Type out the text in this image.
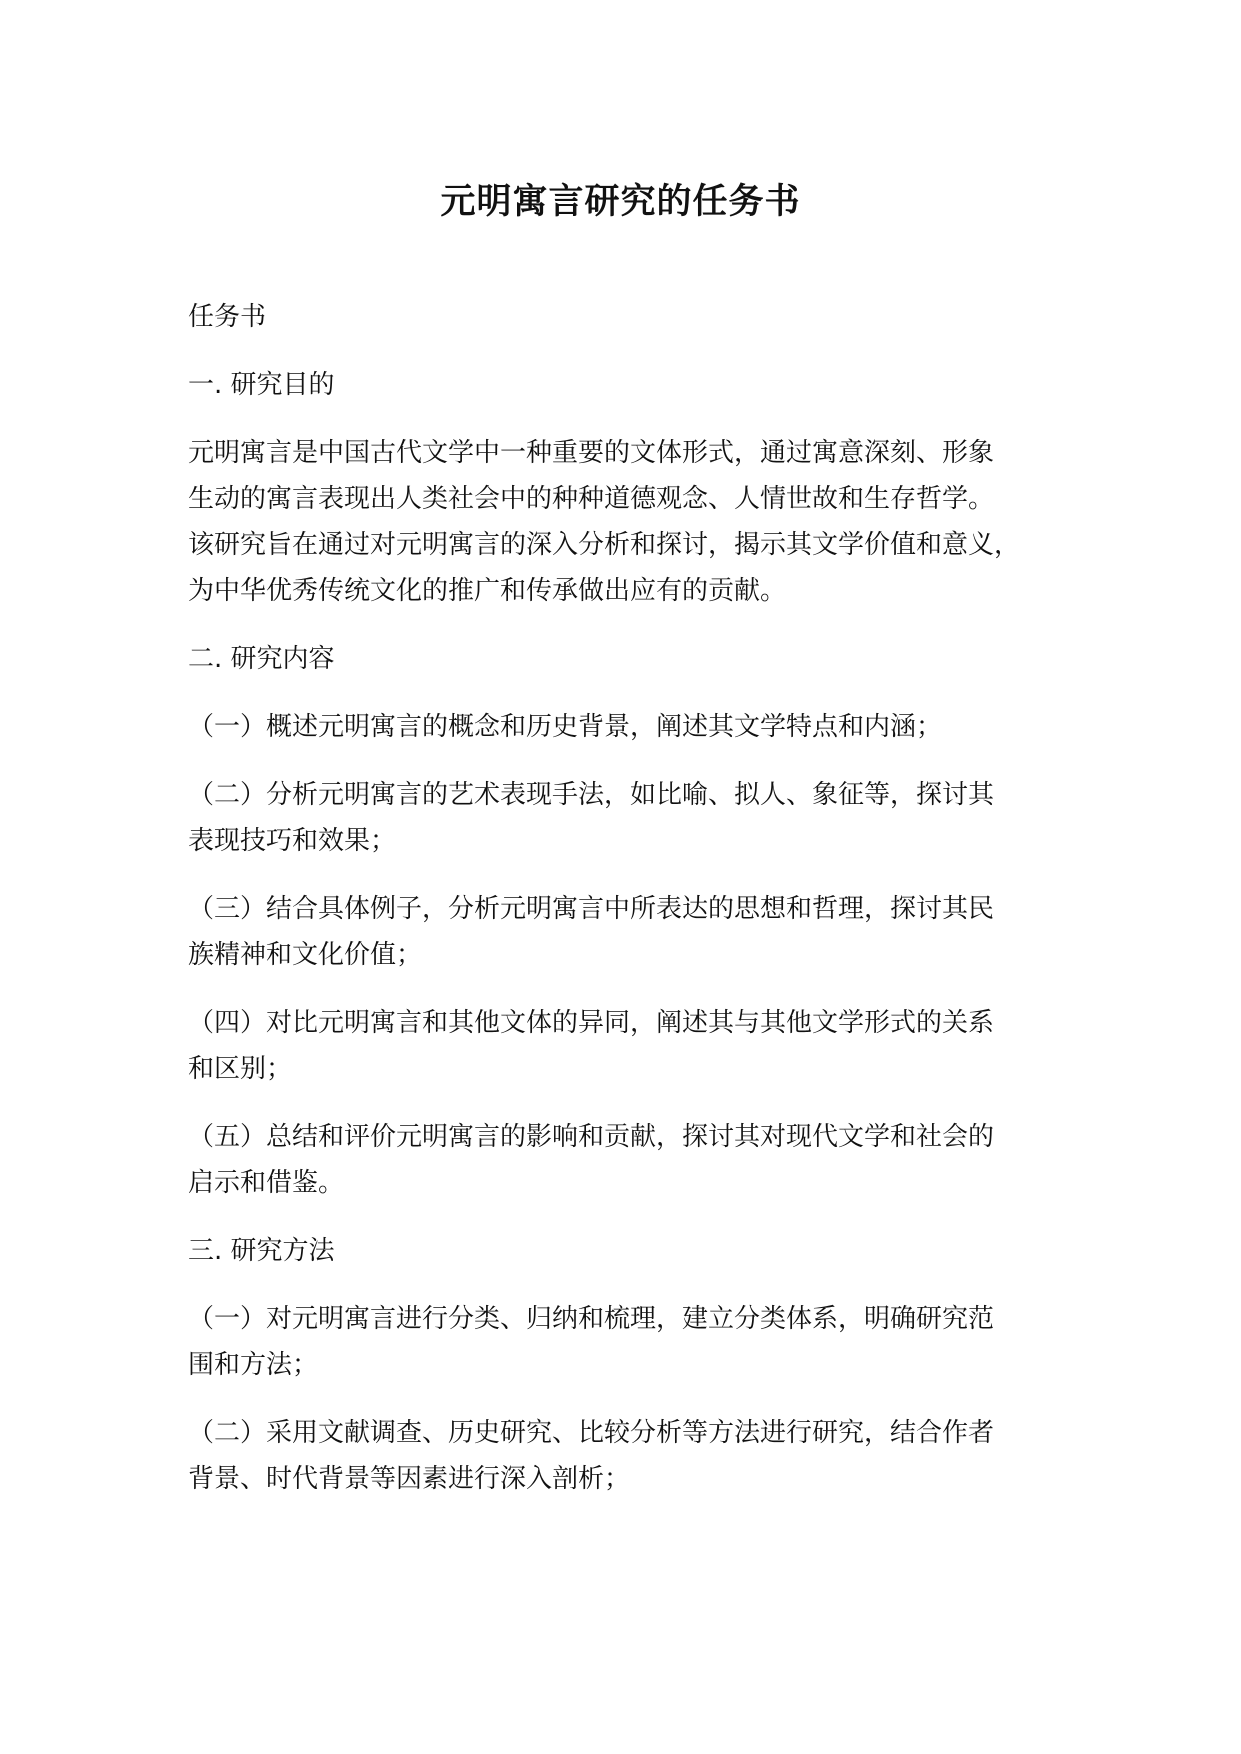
元明寓言研究的任务书

任务书

一. 研究目的

元明寓言是中国古代文学中一种重要的文体形式，通过寓意深刻、形象
生动的寓言表现出人类社会中的种种道德观念、人情世故和生存哲学。
该研究旨在通过对元明寓言的深入分析和探讨，揭示其文学价值和意义，
为中华优秀传统文化的推广和传承做出应有的贡献。

二. 研究内容

（一）概述元明寓言的概念和历史背景，阐述其文学特点和内涵；

（二）分析元明寓言的艺术表现手法，如比喻、拟人、象征等，探讨其
表现技巧和效果；

（三）结合具体例子，分析元明寓言中所表达的思想和哲理，探讨其民
族精神和文化价值；

（四）对比元明寓言和其他文体的异同，阐述其与其他文学形式的关系
和区别；

（五）总结和评价元明寓言的影响和贡献，探讨其对现代文学和社会的
启示和借鉴。

三. 研究方法

（一）对元明寓言进行分类、归纳和梳理，建立分类体系，明确研究范
围和方法；

（二）采用文献调查、历史研究、比较分析等方法进行研究，结合作者
背景、时代背景等因素进行深入剖析；
